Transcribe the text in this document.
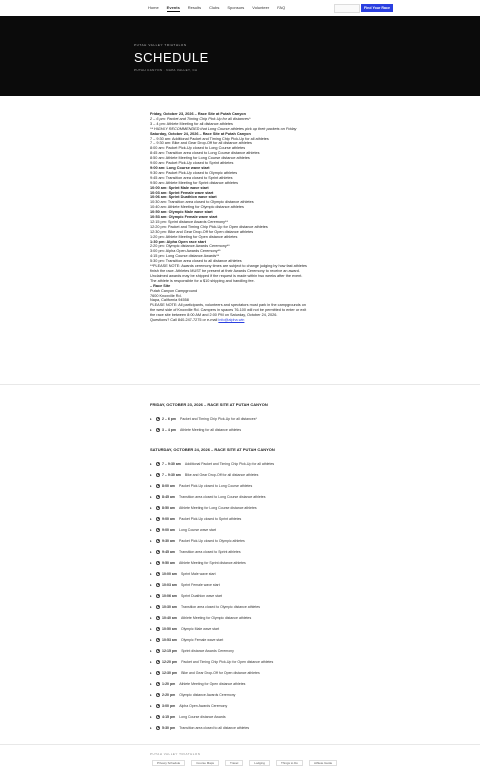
Home Events Results Clubs Sponsors Volunteer FAQ	Find Your Race
PUTAH VALLEY TRIATHLON
SCHEDULE
PUTAH CANYON · NAPA VALLEY, CA
Friday, October 23, 2026 – Race Site at Putah Canyon
2 – 6 pm: Packet and Timing Chip Pick-Up for all distances*
3 – 4 pm: Athlete Meeting for all distance athletes
** HIGHLY RECOMMENDED that Long Course athletes pick up their packets on Friday
Saturday, October 24, 2026 – Race Site at Putah Canyon
7 – 9:30 am: Additional Packet and Timing Chip Pick-Up for all athletes
7 – 9:30 am: Bike and Gear Drop-Off for all distance athletes
8:00 am: Packet Pick-Up closed to Long Course athletes
8:45 am: Transition area closed to Long Course distance athletes
8:50 am: Athlete Meeting for Long Course distance athletes
9:00 am: Packet Pick-Up closed to Sprint athletes
9:00 am: Long Course wave start
9:30 am: Packet Pick-Up closed to Olympic athletes
9:45 am: Transition area closed to Sprint athletes
9:50 am: Athlete Meeting for Sprint distance athletes
10:00 am: Sprint Male wave start
10:03 am: Sprint Female wave start
10:06 am: Sprint Duathlon wave start
10:30 am: Transition area closed to Olympic distance athletes
10:40 am: Athlete Meeting for Olympic distance athletes
10:50 am: Olympic Male wave start
10:53 am: Olympic Female wave start
12:15 pm: Sprint distance Awards Ceremony**
12:20 pm: Packet and Timing Chip Pick-Up for Open distance athletes
12:30 pm: Bike and Gear Drop-Off for Open distance athletes
1:20 pm: Athlete Meeting for Open distance athletes
1:30 pm: Alpha Open race start
2:20 pm: Olympic distance Awards Ceremony**
3:00 pm: Alpha Open Awards Ceremony**
4:15 pm: Long Course distance Awards**
5:30 pm: Transition area closed to all distance athletes
**PLEASE NOTE: Awards ceremony times are subject to change judging by how fast athletes
finish the race. Athletes MUST be present at their Awards Ceremony to receive an award.
Unclaimed awards may be shipped if the request is made within two weeks after the event.
The athlete is responsible for a $10 shipping and handling fee.
– Race Site
Putah Canyon Campground
7600 Knoxville Rd.
Napa, California 94558
PLEASE NOTE: All participants, volunteers and spectators must park in the campgrounds on
the west side of Knoxville Rd. Campers in spaces 76-100 will not be permitted to enter or exit
the race site between 8:00 AM and 2:00 PM on Saturday, October 24, 2026.
Questions? Call 840-247-7275 or e-mail info@alpha.win
FRIDAY, OCTOBER 23, 2026 – RACE SITE AT PUTAH CANYON
▸	2 – 6 pm Packet and Timing Chip Pick-Up for all distances*
▸	3 – 4 pm Athlete Meeting for all distance athletes
SATURDAY, OCTOBER 24, 2026 – RACE SITE AT PUTAH CANYON
▸	7 – 9:30 am Additional Packet and Timing Chip Pick-Up for all athletes
▸	7 – 9:30 am Bike and Gear Drop-Off for all distance athletes
▸	8:00 am Packet Pick-Up closed to Long Course athletes
▸	8:45 am Transition area closed to Long Course distance athletes
▸	8:50 am Athlete Meeting for Long Course distance athletes
▸	9:00 am Packet Pick-Up closed to Sprint athletes
▸	9:00 am Long Course wave start
▸	9:30 am Packet Pick-Up closed to Olympic athletes
▸	9:45 am Transition area closed to Sprint athletes
▸	9:50 am Athlete Meeting for Sprint distance athletes
▸	10:00 am Sprint Male wave start
▸	10:03 am Sprint Female wave start
▸	10:06 am Sprint Duathlon wave start
▸	10:30 am Transition area closed to Olympic distance athletes
▸	10:40 am Athlete Meeting for Olympic distance athletes
▸	10:50 am Olympic Male wave start
▸	10:53 am Olympic Female wave start
▸	12:15 pm Sprint distance Awards Ceremony
▸	12:20 pm Packet and Timing Chip Pick-Up for Open distance athletes
▸	12:30 pm Bike and Gear Drop-Off for Open distance athletes
▸	1:20 pm Athlete Meeting for Open distance athletes
▸	2:20 pm Olympic distance Awards Ceremony
▸	3:00 pm Alpha Open Awards Ceremony
▸	4:15 pm Long Course distance Awards
▸	5:30 pm Transition area closed to all distance athletes
PUTAH VALLEY TRIATHLON
Privacy Schedule	Course Maps	Travel	Lodging	Things to Do	Athlete Guide
